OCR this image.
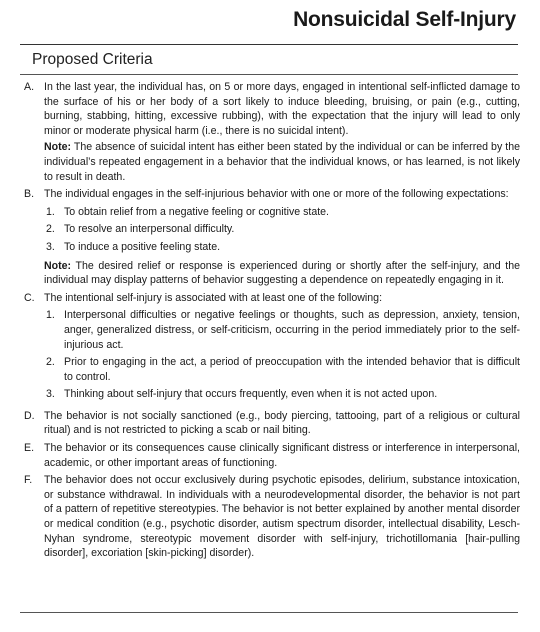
Nonsuicidal Self-Injury
Proposed Criteria
A. In the last year, the individual has, on 5 or more days, engaged in intentional self-inflicted damage to the surface of his or her body of a sort likely to induce bleeding, bruising, or pain (e.g., cutting, burning, stabbing, hitting, excessive rubbing), with the expectation that the injury will lead to only minor or moderate physical harm (i.e., there is no suicidal intent).
Note: The absence of suicidal intent has either been stated by the individual or can be inferred by the individual’s repeated engagement in a behavior that the individual knows, or has learned, is not likely to result in death.
B. The individual engages in the self-injurious behavior with one or more of the following expectations:
1. To obtain relief from a negative feeling or cognitive state.
2. To resolve an interpersonal difficulty.
3. To induce a positive feeling state.
Note: The desired relief or response is experienced during or shortly after the self-injury, and the individual may display patterns of behavior suggesting a dependence on repeatedly engaging in it.
C. The intentional self-injury is associated with at least one of the following:
1. Interpersonal difficulties or negative feelings or thoughts, such as depression, anxiety, tension, anger, generalized distress, or self-criticism, occurring in the period immediately prior to the self-injurious act.
2. Prior to engaging in the act, a period of preoccupation with the intended behavior that is difficult to control.
3. Thinking about self-injury that occurs frequently, even when it is not acted upon.
D. The behavior is not socially sanctioned (e.g., body piercing, tattooing, part of a religious or cultural ritual) and is not restricted to picking a scab or nail biting.
E. The behavior or its consequences cause clinically significant distress or interference in interpersonal, academic, or other important areas of functioning.
F.	The behavior does not occur exclusively during psychotic episodes, delirium, substance intoxication, or substance withdrawal. In individuals with a neurodevelopmental disorder, the behavior is not part of a pattern of repetitive stereotypies. The behavior is not better explained by another mental disorder or medical condition (e.g., psychotic disorder, autism spectrum disorder, intellectual disability, Lesch-Nyhan syndrome, stereotypic movement disorder with self-injury, trichotillomania [hair-pulling disorder], excoriation [skin-picking] disorder).
